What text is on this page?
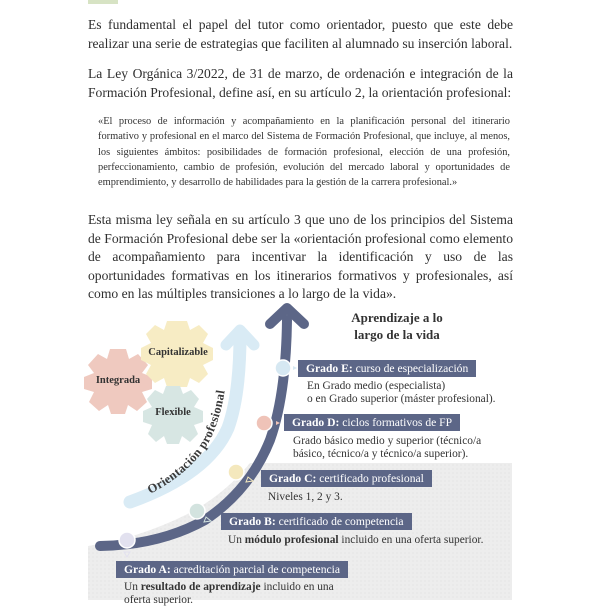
Es fundamental el papel del tutor como orientador, puesto que este debe realizar una serie de estrategias que faciliten al alumnado su inserción laboral.

La Ley Orgánica 3/2022, de 31 de marzo, de ordenación e integración de la Formación Profesional, define así, en su artículo 2, la orientación profesional:

«El proceso de información y acompañamiento en la planificación personal del itinerario formativo y profesional en el marco del Sistema de Formación Profesional, que incluye, al menos, los siguientes ámbitos: posibilidades de formación profesional, elección de una profesión, perfeccionamiento, cambio de profesión, evolución del mercado laboral y oportunidades de emprendimiento, y desarrollo de habilidades para la gestión de la carrera profesional.»

Esta misma ley señala en su artículo 3 que uno de los principios del Sistema de Formación Profesional debe ser la «orientación profesional como elemento de acompañamiento para incentivar la identificación y uso de las oportunidades formativas en los itinerarios formativos y profesionales, así como en las múltiples transiciones a lo largo de la vida».

Orientación profesional
Capitalizable
Integrada
Flexible
Aprendizaje a lo
largo de la vida
Grado E: curso de especialización
En Grado medio (especialista)
o en Grado superior (máster profesional).
Grado D: ciclos formativos de FP
Grado básico medio y superior (técnico/a
básico, técnico/a y técnico/a superior).
Grado C: certificado profesional
Niveles 1, 2 y 3.
Grado B: certificado de competencia
Un módulo profesional incluido en una oferta superior.
Grado A: acreditación parcial de competencia
Un resultado de aprendizaje incluido en una
oferta superior.
